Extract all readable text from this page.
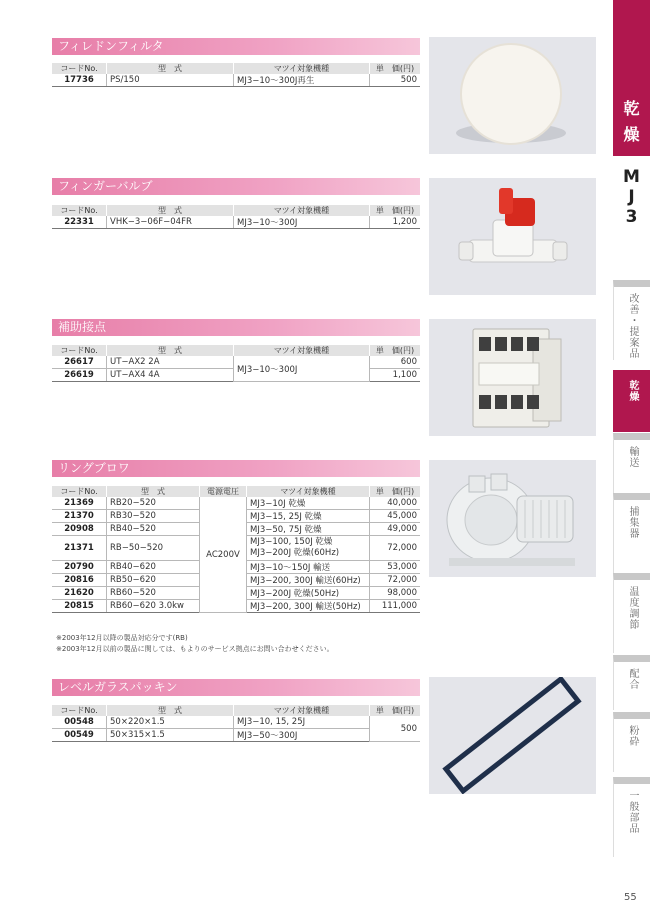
フィレドンフィルタ
コードNo.	型　式	マツイ対象機種	単　価(円)
17736	PS/150	MJ3−10〜300J再生	500
フィンガーバルブ
コードNo.	型　式	マツイ対象機種	単　価(円)
22331	VHK−3−06F−04FR	MJ3−10〜300J	1,200
補助接点
コードNo.	型　式	マツイ対象機種	単　価(円)
26617	UT−AX2 2A	MJ3−10〜300J	600
26619	UT−AX4 4A		1,100
リングブロワ
コードNo.	型　式	電源電圧	マツイ対象機種	単　価(円)
21369	RB20−520	AC200V	MJ3−10J 乾燥	40,000
21370	RB30−520		MJ3−15, 25J 乾燥	45,000
20908	RB40−520		MJ3−50, 75J 乾燥	49,000
21371	RB−50−520		MJ3−100, 150J 乾燥
MJ3−200J 乾燥(60Hz)	72,000
20790	RB40−620		MJ3−10〜150J 輸送	53,000
20816	RB50−620		MJ3−200, 300J 輸送(60Hz)	72,000
21620	RB60−520		MJ3−200J 乾燥(50Hz)	98,000
20815	RB60−620 3.0kw		MJ3−200, 300J 輸送(50Hz)	111,000
※2003年12月以降の製品対応分です(RB)
※2003年12月以前の製品に関しては、もよりのサービス拠点にお問い合わせください。
レベルガラスパッキン
コードNo.	型　式	マツイ対象機種	単　価(円)
00548	50×220×1.5	MJ3−10, 15, 25J	500
00549	50×315×1.5	MJ3−50〜300J	
乾
燥
M
J
3
改善・提案品
乾燥
輸送
捕集器
温度調節
配合
粉砕
一般部品
55
